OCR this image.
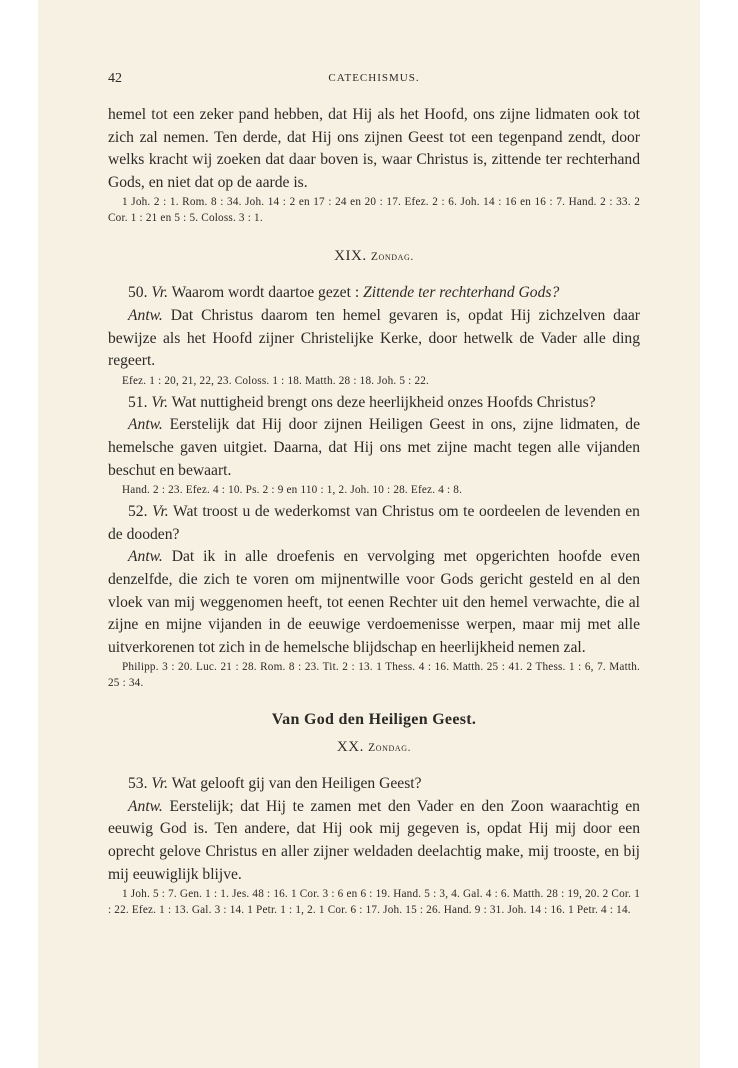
42	CATECHISMUS.

hemel tot een zeker pand hebben, dat Hij als het Hoofd, ons zijne lidmaten ook tot zich zal nemen. Ten derde, dat Hij ons zijnen Geest tot een tegenpand zendt, door welks kracht wij zoeken dat daar boven is, waar Christus is, zittende ter rechterhand Gods, en niet dat op de aarde is.

1 Joh. 2 : 1. Rom. 8 : 34. Joh. 14 : 2 en 17 : 24 en 20 : 17. Efez. 2 : 6. Joh. 14 : 16 en 16 : 7. Hand. 2 : 33. 2 Cor. 1 : 21 en 5 : 5. Coloss. 3 : 1.

XIX. Zondag.

50. Vr. Waarom wordt daartoe gezet : Zittende ter rechterhand Gods?

Antw. Dat Christus daarom ten hemel gevaren is, opdat Hij zichzelven daar bewijze als het Hoofd zijner Christelijke Kerke, door hetwelk de Vader alle ding regeert.

Efez. 1 : 20, 21, 22, 23. Coloss. 1 : 18. Matth. 28 : 18. Joh. 5 : 22.

51. Vr. Wat nuttigheid brengt ons deze heerlijkheid onzes Hoofds Christus?

Antw. Eerstelijk dat Hij door zijnen Heiligen Geest in ons, zijne lidmaten, de hemelsche gaven uitgiet. Daarna, dat Hij ons met zijne macht tegen alle vijanden beschut en bewaart.

Hand. 2 : 23. Efez. 4 : 10. Ps. 2 : 9 en 110 : 1, 2. Joh. 10 : 28. Efez. 4 : 8.

52. Vr. Wat troost u de wederkomst van Christus om te oordeelen de levenden en de dooden?

Antw. Dat ik in alle droefenis en vervolging met opgerichten hoofde even denzelfde, die zich te voren om mijnentwille voor Gods gericht gesteld en al den vloek van mij weggenomen heeft, tot eenen Rechter uit den hemel verwachte, die al zijne en mijne vijanden in de eeuwige verdoemenisse werpen, maar mij met alle uitverkorenen tot zich in de hemelsche blijdschap en heerlijkheid nemen zal.

Philipp. 3 : 20. Luc. 21 : 28. Rom. 8 : 23. Tit. 2 : 13. 1 Thess. 4 : 16. Matth. 25 : 41. 2 Thess. 1 : 6, 7. Matth. 25 : 34.

Van God den Heiligen Geest.
XX. Zondag.

53. Vr. Wat gelooft gij van den Heiligen Geest?

Antw. Eerstelijk; dat Hij te zamen met den Vader en den Zoon waarachtig en eeuwig God is. Ten andere, dat Hij ook mij gegeven is, opdat Hij mij door een oprecht gelove Christus en aller zijner weldaden deelachtig make, mij trooste, en bij mij eeuwiglijk blijve.

1 Joh. 5 : 7. Gen. 1 : 1. Jes. 48 : 16. 1 Cor. 3 : 6 en 6 : 19. Hand. 5 : 3, 4. Gal. 4 : 6. Matth. 28 : 19, 20. 2 Cor. 1 : 22. Efez. 1 : 13. Gal. 3 : 14. 1 Petr. 1 : 1, 2. 1 Cor. 6 : 17. Joh. 15 : 26. Hand. 9 : 31. Joh. 14 : 16. 1 Petr. 4 : 14.
